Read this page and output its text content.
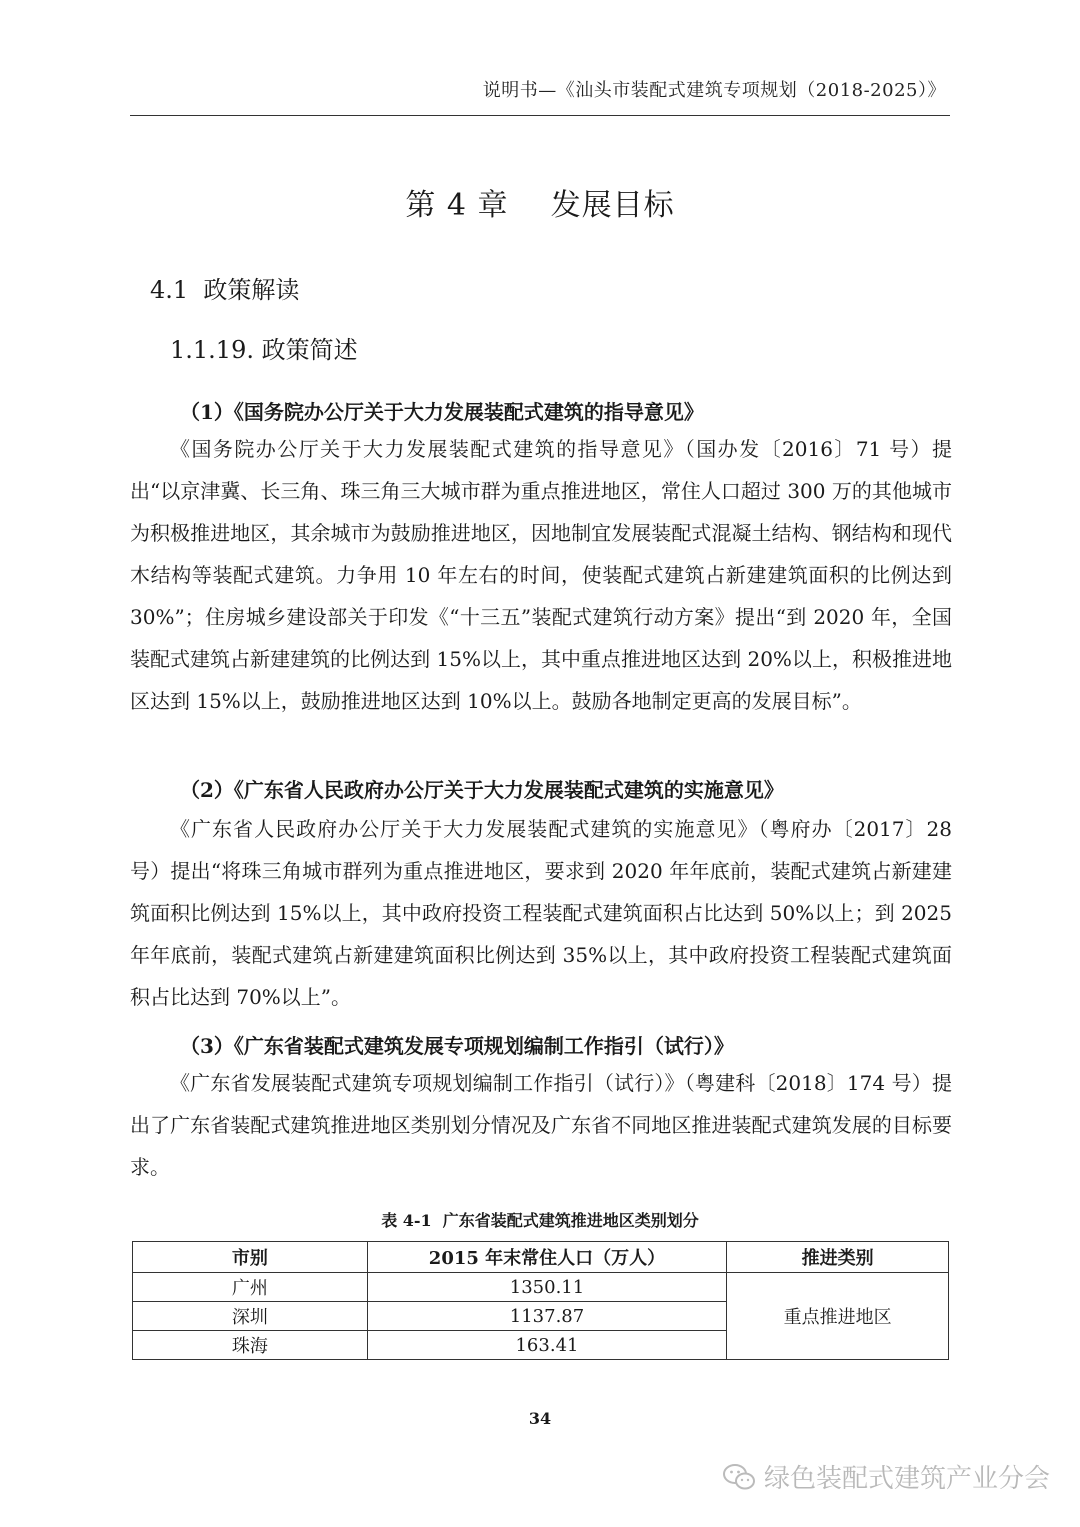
说明书—《汕头市装配式建筑专项规划（2018-2025）》
第 4 章    发展目标
4.1  政策解读
1.1.19. 政策简述
（1）《国务院办公厅关于大力发展装配式建筑的指导意见》

《国务院办公厅关于大力发展装配式建筑的指导意见》（国办发〔2016〕71 号）提出“以京津冀、长三角、珠三角三大城市群为重点推进地区，常住人口超过 300 万的其他城市为积极推进地区，其余城市为鼓励推进地区，因地制宜发展装配式混凝土结构、钢结构和现代木结构等装配式建筑。力争用 10 年左右的时间，使装配式建筑占新建建筑面积的比例达到 30%”；住房城乡建设部关于印发《“十三五”装配式建筑行动方案》提出“到 2020 年，全国装配式建筑占新建建筑的比例达到 15%以上，其中重点推进地区达到 20%以上，积极推进地区达到 15%以上，鼓励推进地区达到 10%以上。鼓励各地制定更高的发展目标”。

（2）《广东省人民政府办公厅关于大力发展装配式建筑的实施意见》

《广东省人民政府办公厅关于大力发展装配式建筑的实施意见》（粤府办〔2017〕28 号）提出“将珠三角城市群列为重点推进地区，要求到 2020 年年底前，装配式建筑占新建建筑面积比例达到 15%以上，其中政府投资工程装配式建筑面积占比达到 50%以上；到 2025 年年底前，装配式建筑占新建建筑面积比例达到 35%以上，其中政府投资工程装配式建筑面积占比达到 70%以上”。

（3）《广东省装配式建筑发展专项规划编制工作指引（试行）》

《广东省发展装配式建筑专项规划编制工作指引（试行）》（粤建科〔2018〕174 号）提出了广东省装配式建筑推进地区类别划分情况及广东省不同地区推进装配式建筑发展的目标要求。

表 4-1  广东省装配式建筑推进地区类别划分
市别	2015 年末常住人口（万人）	推进类别
广州	1350.11	重点推进地区
深圳	1137.87	
珠海	163.41	
34
绿色装配式建筑产业分会
